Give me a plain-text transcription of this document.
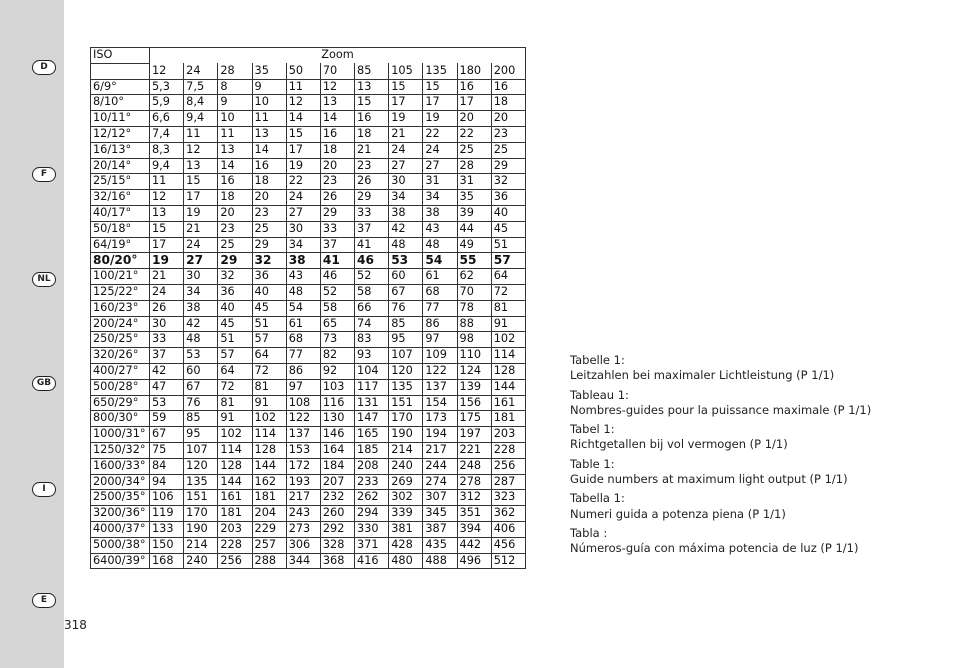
D
F
NL
GB
I
E
318
ISO	Zoom										
	12	24	28	35	50	70	85	105	135	180	200
6/9°	5,3	7,5	8	9	11	12	13	15	15	16	16
8/10°	5,9	8,4	9	10	12	13	15	17	17	17	18
10/11°	6,6	9,4	10	11	14	14	16	19	19	20	20
12/12°	7,4	11	11	13	15	16	18	21	22	22	23
16/13°	8,3	12	13	14	17	18	21	24	24	25	25
20/14°	9,4	13	14	16	19	20	23	27	27	28	29
25/15°	11	15	16	18	22	23	26	30	31	31	32
32/16°	12	17	18	20	24	26	29	34	34	35	36
40/17°	13	19	20	23	27	29	33	38	38	39	40
50/18°	15	21	23	25	30	33	37	42	43	44	45
64/19°	17	24	25	29	34	37	41	48	48	49	51
80/20°	19	27	29	32	38	41	46	53	54	55	57
100/21°	21	30	32	36	43	46	52	60	61	62	64
125/22°	24	34	36	40	48	52	58	67	68	70	72
160/23°	26	38	40	45	54	58	66	76	77	78	81
200/24°	30	42	45	51	61	65	74	85	86	88	91
250/25°	33	48	51	57	68	73	83	95	97	98	102
320/26°	37	53	57	64	77	82	93	107	109	110	114
400/27°	42	60	64	72	86	92	104	120	122	124	128
500/28°	47	67	72	81	97	103	117	135	137	139	144
650/29°	53	76	81	91	108	116	131	151	154	156	161
800/30°	59	85	91	102	122	130	147	170	173	175	181
1000/31°	67	95	102	114	137	146	165	190	194	197	203
1250/32°	75	107	114	128	153	164	185	214	217	221	228
1600/33°	84	120	128	144	172	184	208	240	244	248	256
2000/34°	94	135	144	162	193	207	233	269	274	278	287
2500/35°	106	151	161	181	217	232	262	302	307	312	323
3200/36°	119	170	181	204	243	260	294	339	345	351	362
4000/37°	133	190	203	229	273	292	330	381	387	394	406
5000/38°	150	214	228	257	306	328	371	428	435	442	456
6400/39°	168	240	256	288	344	368	416	480	488	496	512
Tabelle 1:
Leitzahlen bei maximaler Lichtleistung (P 1/1)
Tableau 1:
Nombres-guides pour la puissance maximale (P 1/1)
Tabel 1:
Richtgetallen bij vol vermogen (P 1/1)
Table 1:
Guide numbers at maximum light output (P 1/1)
Tabella 1:
Numeri guida a potenza piena (P 1/1)
Tabla :
Números-guía con máxima potencia de luz (P 1/1)
